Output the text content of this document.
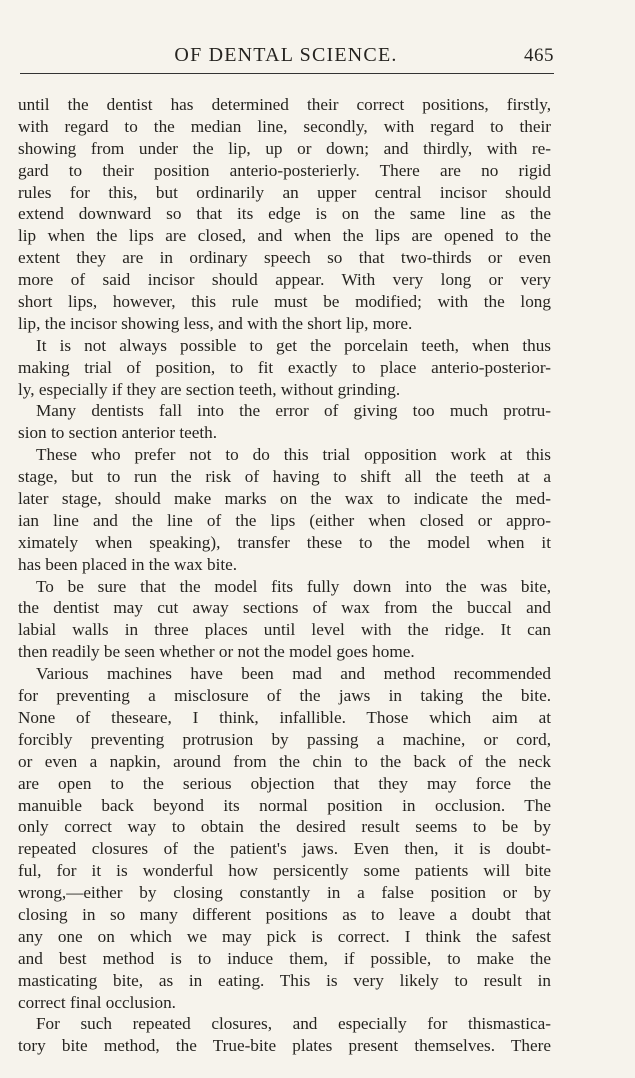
OF DENTAL SCIENCE.	465
until the dentist has determined their correct positions, firstly,
with regard to the median line, secondly, with regard to their
showing from under the lip, up or down; and thirdly, with re-
gard to their position anterio-posterierly. There are no rigid
rules for this, but ordinarily an upper central incisor should
extend downward so that its edge is on the same line as the
lip when the lips are closed, and when the lips are opened to the
extent they are in ordinary speech so that two-thirds or even
more of said incisor should appear. With very long or very
short lips, however, this rule must be modified; with the long
lip, the incisor showing less, and with the short lip, more.
It is not always possible to get the porcelain teeth, when thus
making trial of position, to fit exactly to place anterio-posterior-
ly, especially if they are section teeth, without grinding.
Many dentists fall into the error of giving too much protru-
sion to section anterior teeth.
These who prefer not to do this trial opposition work at this
stage, but to run the risk of having to shift all the teeth at a
later stage, should make marks on the wax to indicate the med-
ian line and the line of the lips (either when closed or appro-
ximately when speaking), transfer these to the model when it
has been placed in the wax bite.
To be sure that the model fits fully down into the was bite,
the dentist may cut away sections of wax from the buccal and
labial walls in three places until level with the ridge. It can
then readily be seen whether or not the model goes home.
Various machines have been mad and method recommended
for preventing a misclosure of the jaws in taking the bite.
None of theseare, I think, infallible. Those which aim at
forcibly preventing protrusion by passing a machine, or cord,
or even a napkin, around from the chin to the back of the neck
are open to the serious objection that they may force the
manuible back beyond its normal position in occlusion. The
only correct way to obtain the desired result seems to be by
repeated closures of the patient's jaws. Even then, it is doubt-
ful, for it is wonderful how persicently some patients will bite
wrong,—either by closing constantly in a false position or by
closing in so many different positions as to leave a doubt that
any one on which we may pick is correct. I think the safest
and best method is to induce them, if possible, to make the
masticating bite, as in eating. This is very likely to result in
correct final occlusion.
For such repeated closures, and especially for thismastica-
tory bite method, the True-bite plates present themselves. There
